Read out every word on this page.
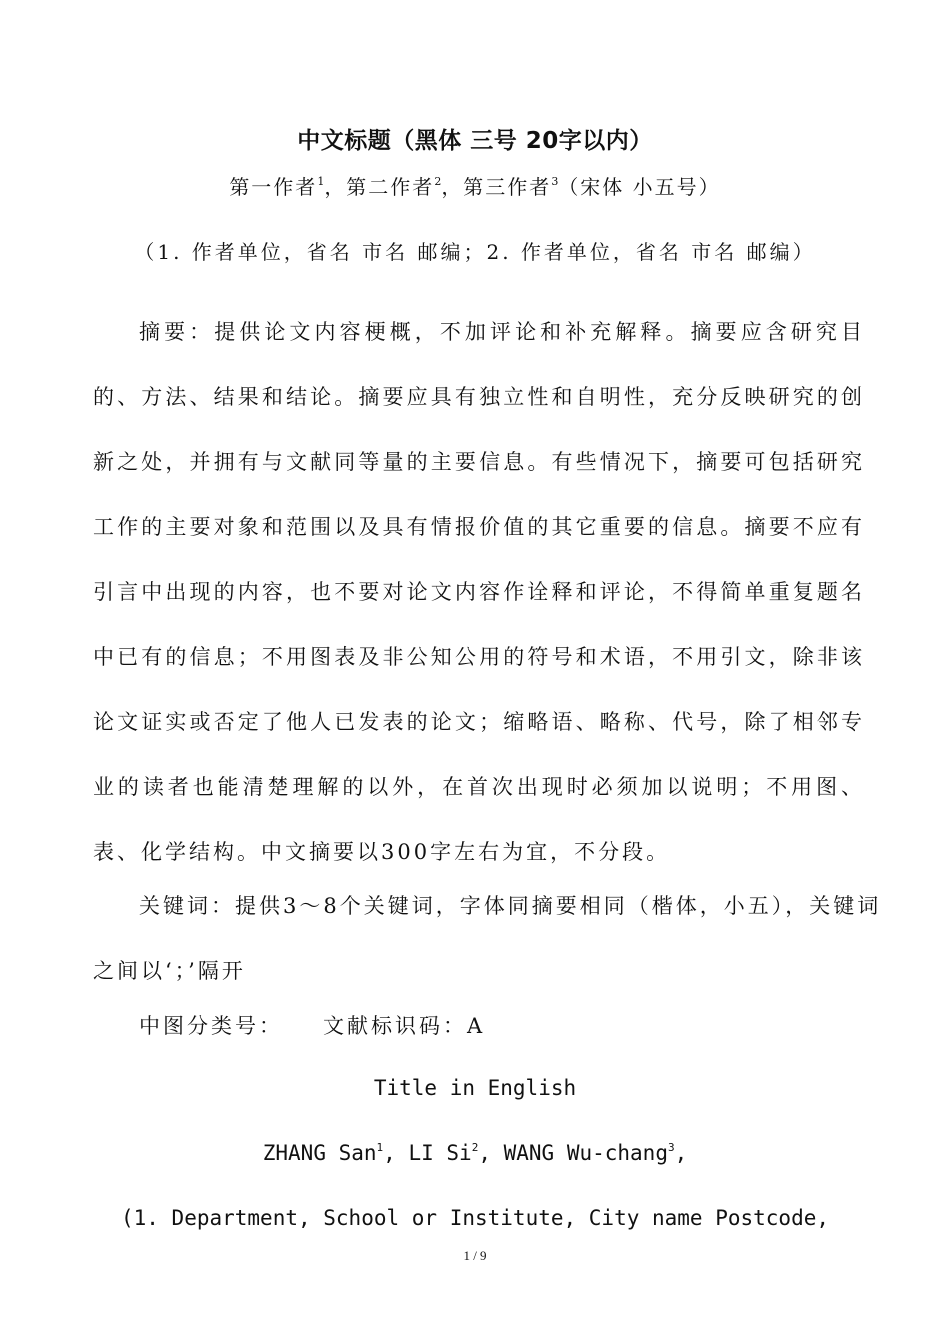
中文标题（黑体 三号 20字以内）
第一作者$^1$，第二作者$^2$，第三作者$^3$（宋体 小五号）
（1. 作者单位，省名 市名 邮编；2. 作者单位，省名 市名 邮编）

摘要：提供论文内容梗概，不加评论和补充解释。摘要应含研究目的、方法、结果和结论。摘要应具有独立性和自明性，充分反映研究的创新之处，并拥有与文献同等量的主要信息。有些情况下，摘要可包括研究工作的主要对象和范围以及具有情报价值的其它重要的信息。摘要不应有引言中出现的内容，也不要对论文内容作诠释和评论，不得简单重复题名中已有的信息；不用图表及非公知公用的符号和术语，不用引文，除非该论文证实或否定了他人已发表的论文；缩略语、略称、代号，除了相邻专业的读者也能清楚理解的以外，在首次出现时必须加以说明；不用图、表、化学结构。中文摘要以300字左右为宜，不分段。

关键词：提供3～8个关键词，字体同摘要相同（楷体，小五），关键词之间以‘；’隔开

中图分类号： 文献标识码：A
Title in English
ZHANG San$^1$, LI Si$^2$, WANG Wu-chang$^3$,
(1. Department, School or Institute, City name Postcode,
1 / 9
